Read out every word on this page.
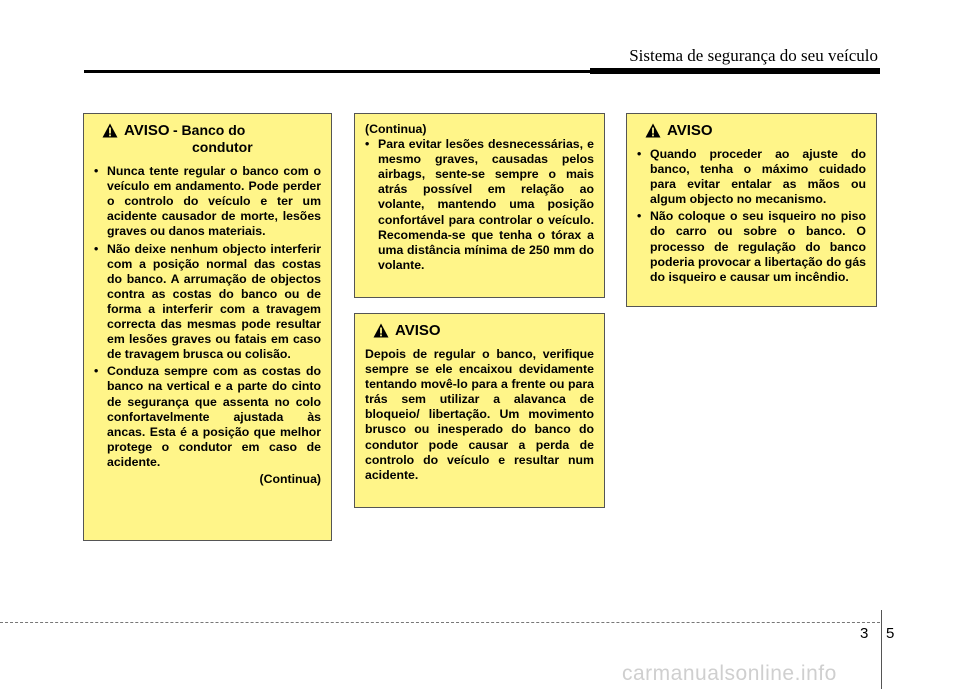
Sistema de segurança do seu veículo
AVISO - Banco do
condutor
• Nunca tente regular o banco com o veículo em andamento. Pode perder o controlo do veículo e ter um acidente causador de morte, lesões graves ou danos materiais.
• Não deixe nenhum objecto interferir com a posição normal das costas do banco. A arrumação de objectos contra as costas do banco ou de forma a interferir com a travagem correcta das mesmas pode resultar em lesões graves ou fatais em caso de travagem brusca ou colisão.
• Conduza sempre com as costas do banco na vertical e a parte do cinto de segurança que assenta no colo confortavelmente ajustada às ancas. Esta é a posição que melhor protege o condutor em caso de acidente.
(Continua)
(Continua)
• Para evitar lesões desnecessárias, e mesmo graves, causadas pelos airbags, sente-se sempre o mais atrás possível em relação ao volante, mantendo uma posição confortável para controlar o veículo. Recomenda-se que tenha o tórax a uma distância mínima de 250 mm do volante.
AVISO
Depois de regular o banco, verifique sempre se ele encaixou devidamente tentando movê-lo para a frente ou para trás sem utilizar a alavanca de bloqueio/ libertação. Um movimento brusco ou inesperado do banco do condutor pode causar a perda de controlo do veículo e resultar num acidente.
AVISO
• Quando proceder ao ajuste do banco, tenha o máximo cuidado para evitar entalar as mãos ou algum objecto no mecanismo.
• Não coloque o seu isqueiro no piso do carro ou sobre o banco. O processo de regulação do banco poderia provocar a libertação do gás do isqueiro e causar um incêndio.
3 5
carmanualsonline.info
